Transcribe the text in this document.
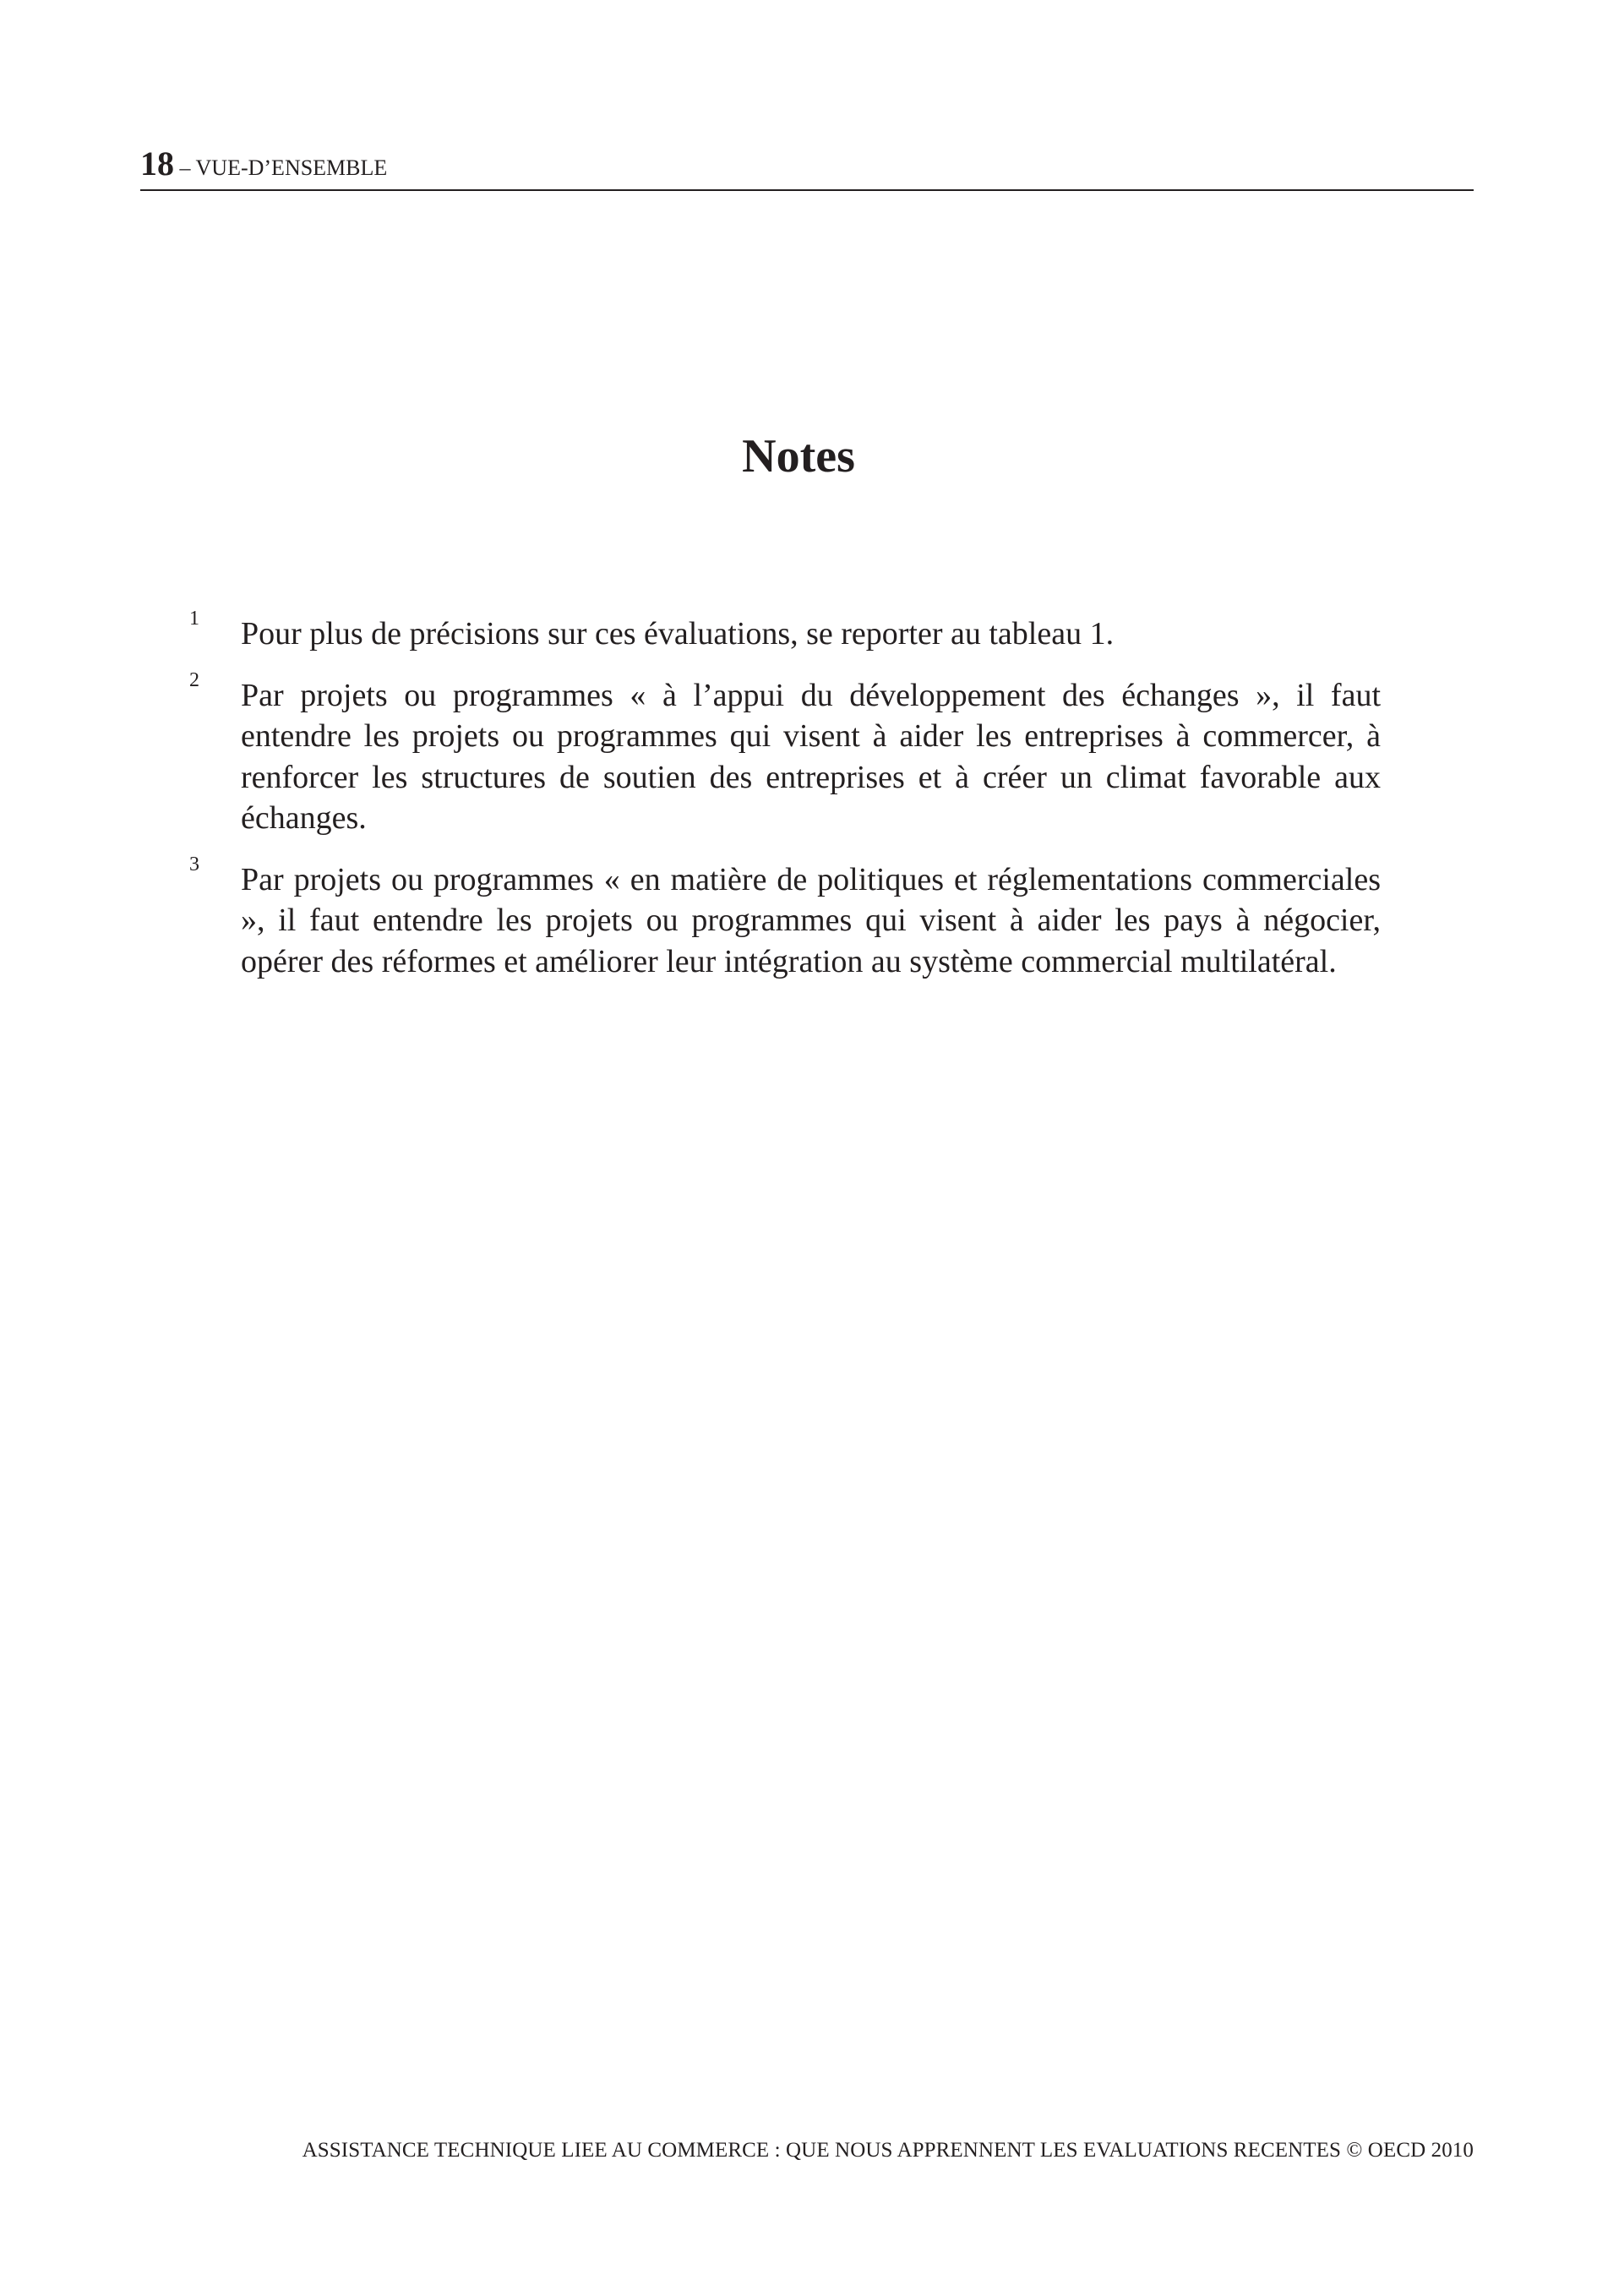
18 – VUE-D’ENSEMBLE
Notes
1 Pour plus de précisions sur ces évaluations, se reporter au tableau 1.
2 Par projets ou programmes « à l’appui du développement des échanges », il faut entendre les projets ou programmes qui visent à aider les entreprises à commercer, à renforcer les structures de soutien des entreprises et à créer un climat favorable aux échanges.
3 Par projets ou programmes « en matière de politiques et réglementations commerciales », il faut entendre les projets ou programmes qui visent à aider les pays à négocier, opérer des réformes et améliorer leur intégration au système commercial multilatéral.
ASSISTANCE TECHNIQUE LIEE AU COMMERCE : QUE NOUS APPRENNENT LES EVALUATIONS RECENTES © OECD 2010
